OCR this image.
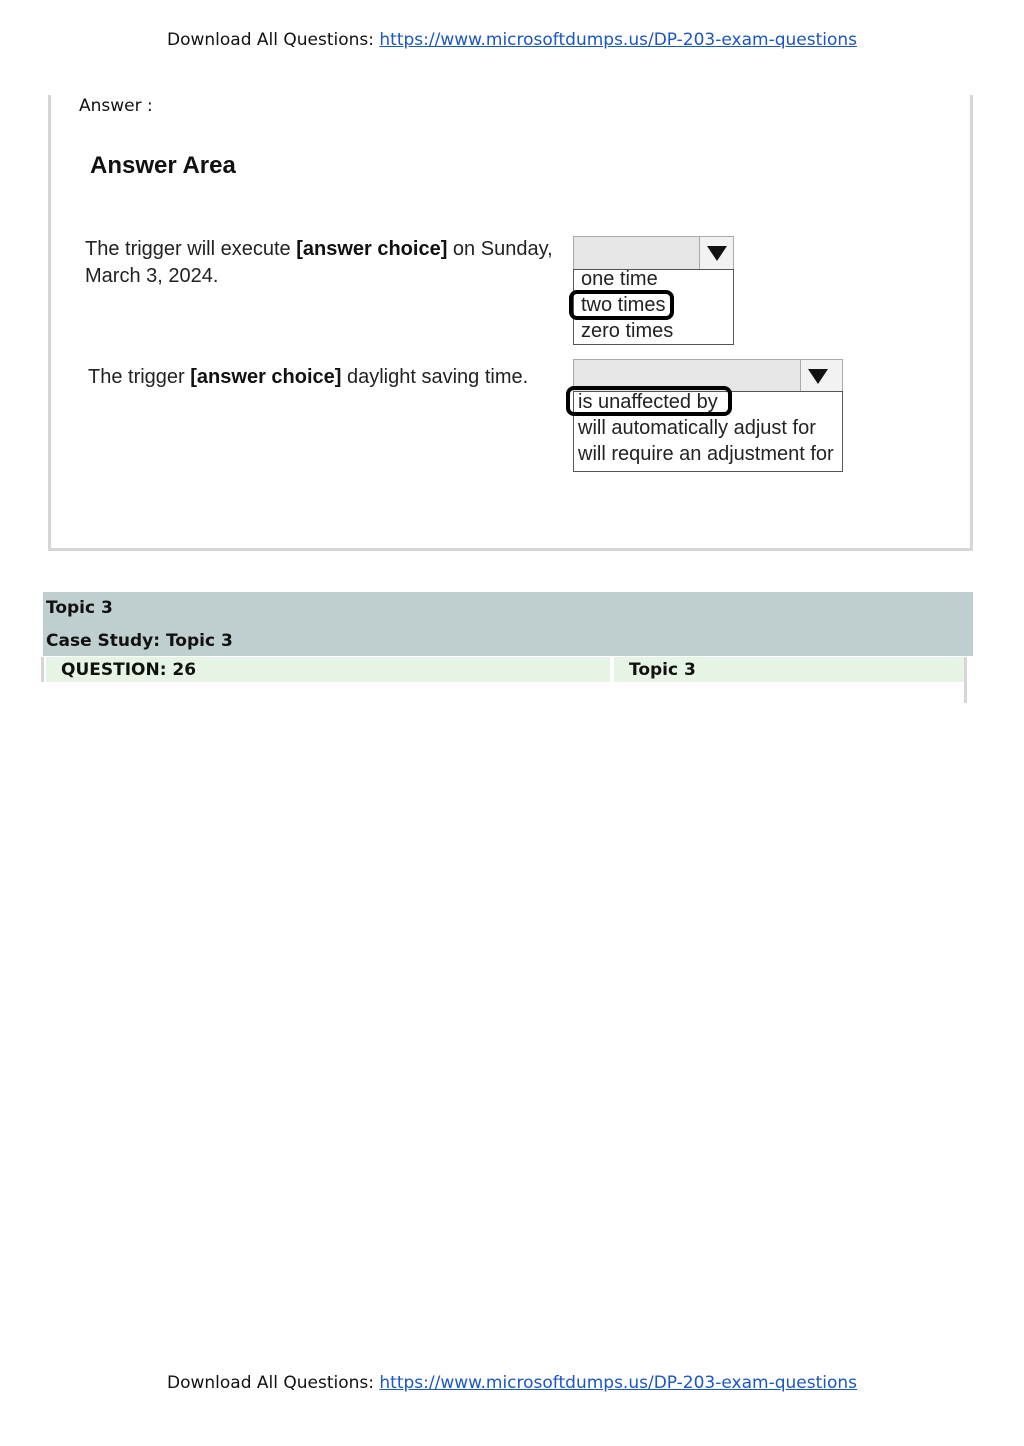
Download All Questions: https://www.microsoftdumps.us/DP-203-exam-questions
Answer :
Answer Area
The trigger will execute [answer choice] on Sunday, March 3, 2024.	one time
two times
zero times
The trigger [answer choice] daylight saving time.
is unaffected by
will automatically adjust for
will require an adjustment for
Topic 3
Case Study: Topic 3
QUESTION: 26	Topic 3
Download All Questions: https://www.microsoftdumps.us/DP-203-exam-questions
